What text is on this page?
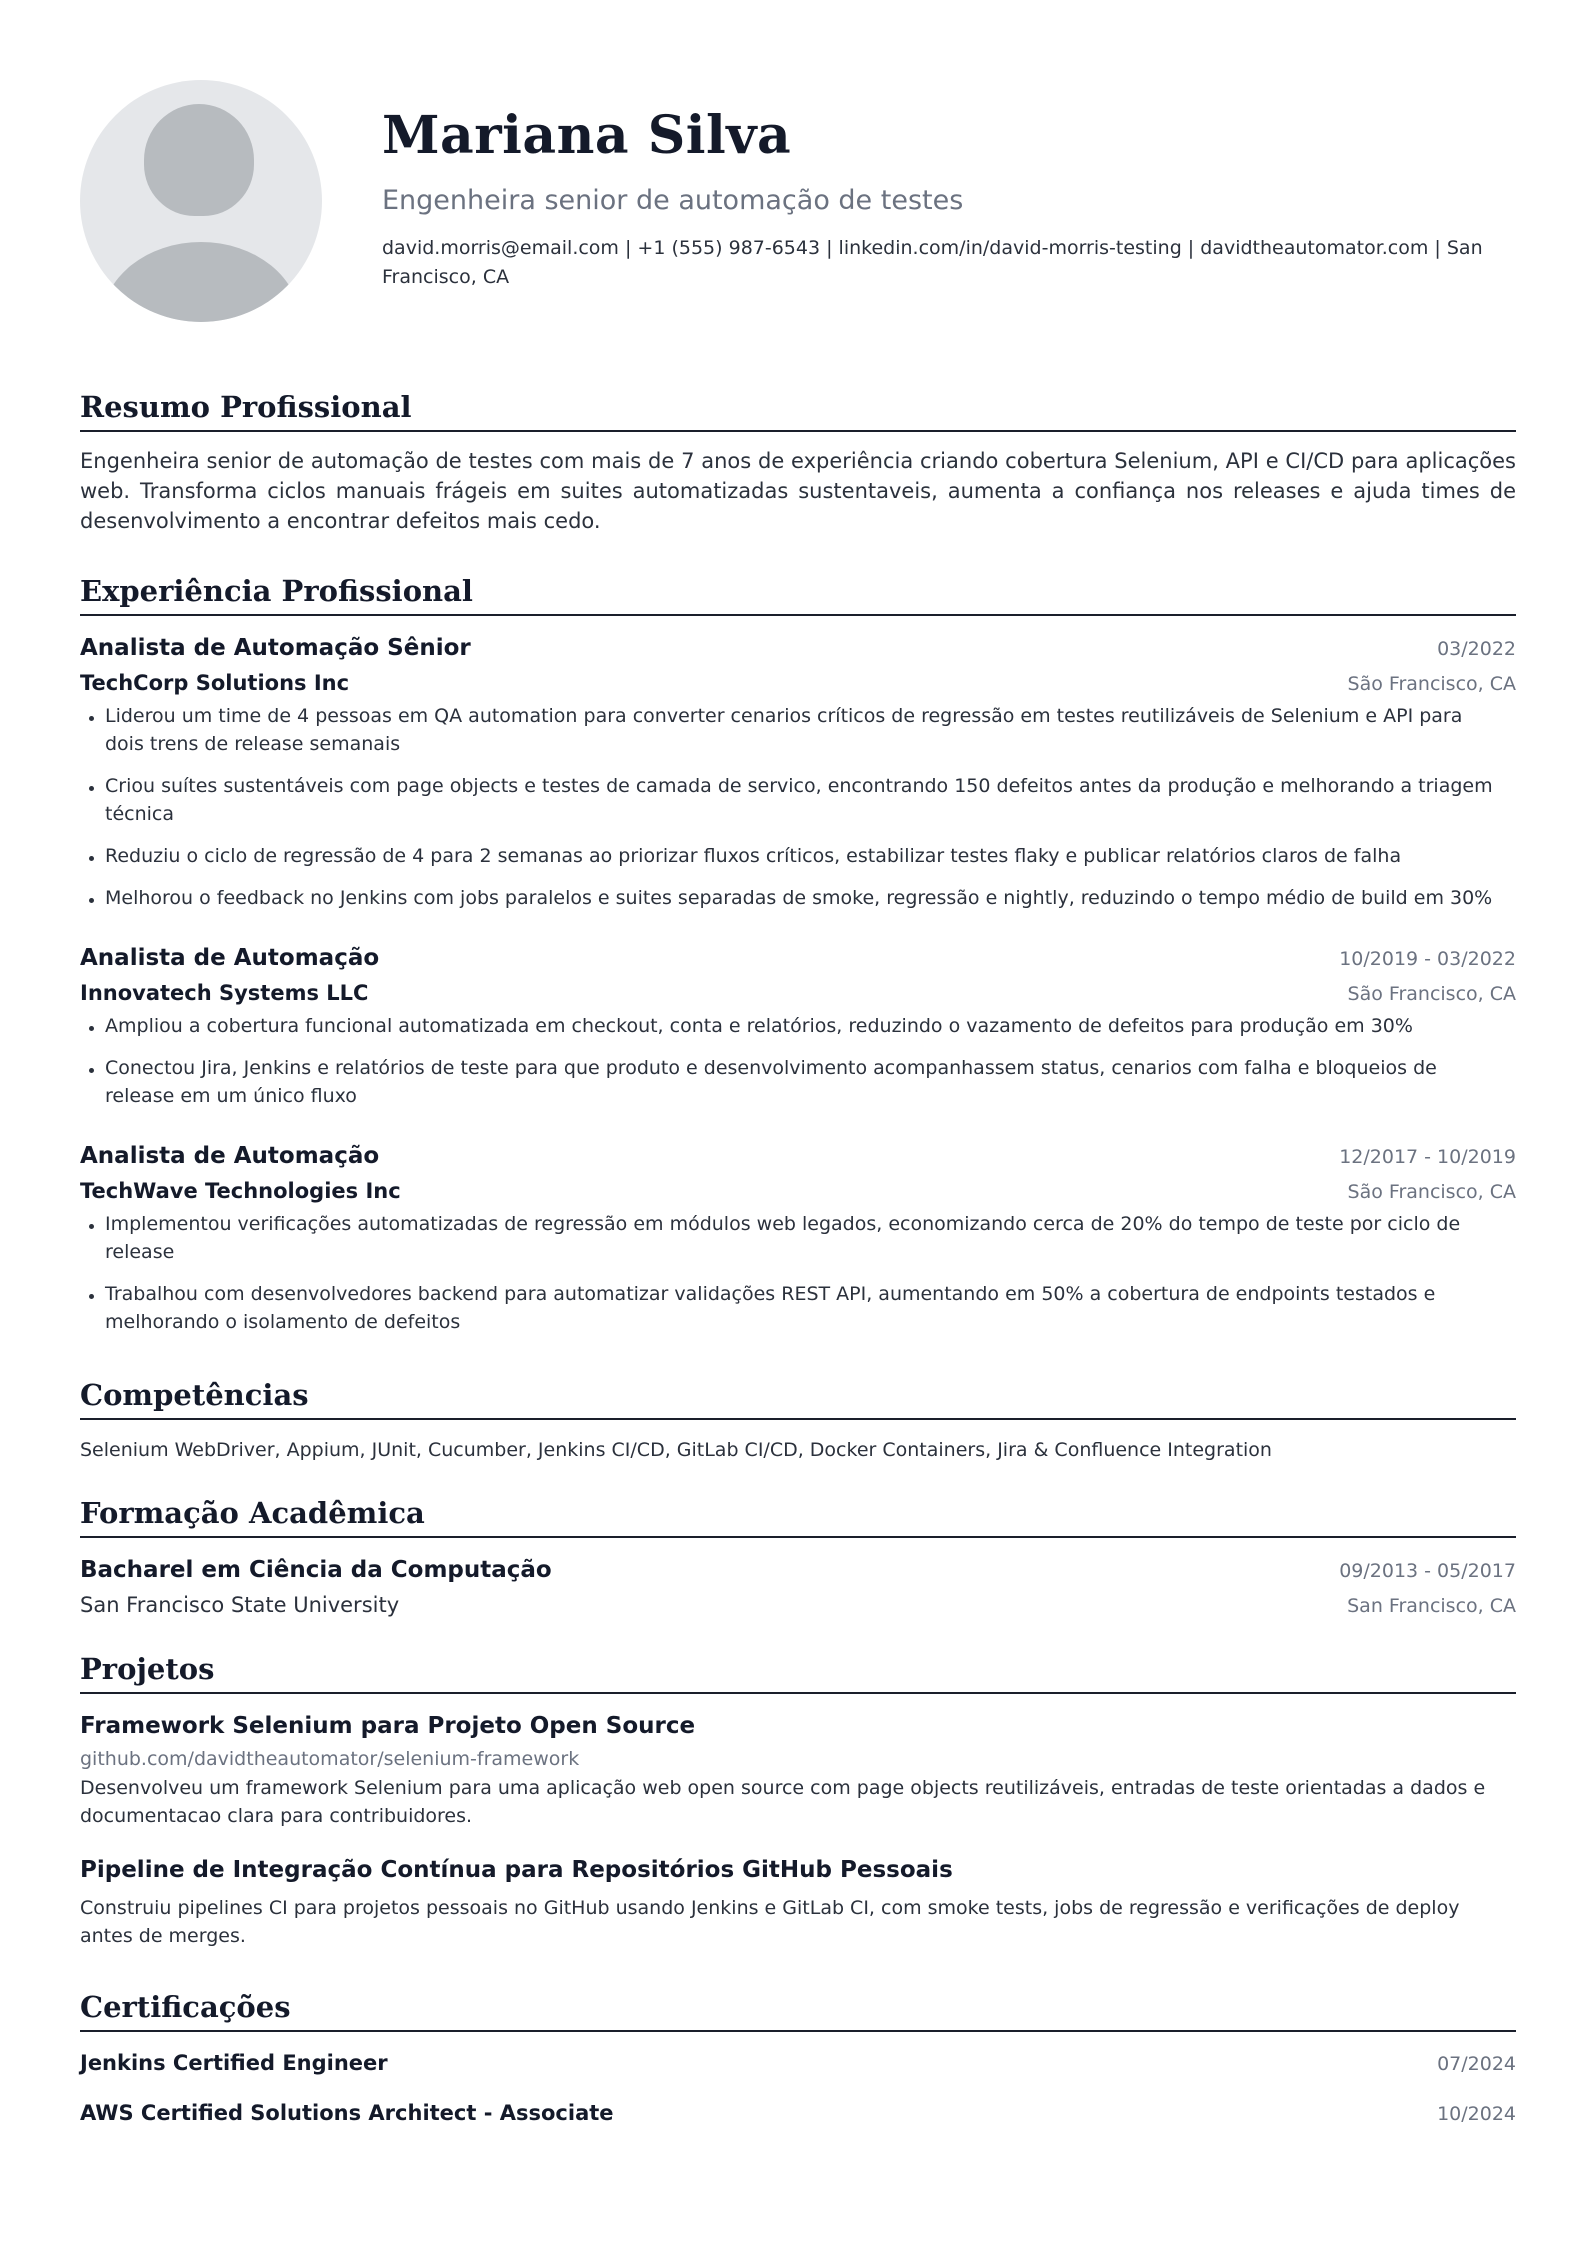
Mariana Silva
Engenheira senior de automação de testes
david.morris@email.com | +1 (555) 987-6543 | linkedin.com/in/david-morris-testing | davidtheautomator.com | San Francisco, CA
Resumo Profissional
Engenheira senior de automação de testes com mais de 7 anos de experiência criando cobertura Selenium, API e CI/CD para aplicações web. Transforma ciclos manuais frágeis em suites automatizadas sustentaveis, aumenta a confiança nos releases e ajuda times de desenvolvimento a encontrar defeitos mais cedo.
Experiência Profissional
Analista de Automação Sênior	03/2022
TechCorp Solutions Inc	São Francisco, CA
Liderou um time de 4 pessoas em QA automation para converter cenarios críticos de regressão em testes reutilizáveis de Selenium e API para dois trens de release semanais
Criou suítes sustentáveis com page objects e testes de camada de servico, encontrando 150 defeitos antes da produção e melhorando a triagem técnica
Reduziu o ciclo de regressão de 4 para 2 semanas ao priorizar fluxos críticos, estabilizar testes flaky e publicar relatórios claros de falha
Melhorou o feedback no Jenkins com jobs paralelos e suites separadas de smoke, regressão e nightly, reduzindo o tempo médio de build em 30%
Analista de Automação	10/2019 - 03/2022
Innovatech Systems LLC	São Francisco, CA
Ampliou a cobertura funcional automatizada em checkout, conta e relatórios, reduzindo o vazamento de defeitos para produção em 30%
Conectou Jira, Jenkins e relatórios de teste para que produto e desenvolvimento acompanhassem status, cenarios com falha e bloqueios de release em um único fluxo
Analista de Automação	12/2017 - 10/2019
TechWave Technologies Inc	São Francisco, CA
Implementou verificações automatizadas de regressão em módulos web legados, economizando cerca de 20% do tempo de teste por ciclo de release
Trabalhou com desenvolvedores backend para automatizar validações REST API, aumentando em 50% a cobertura de endpoints testados e melhorando o isolamento de defeitos
Competências
Selenium WebDriver, Appium, JUnit, Cucumber, Jenkins CI/CD, GitLab CI/CD, Docker Containers, Jira & Confluence Integration
Formação Acadêmica
Bacharel em Ciência da Computação	09/2013 - 05/2017
San Francisco State University	San Francisco, CA
Projetos
Framework Selenium para Projeto Open Source
github.com/davidtheautomator/selenium-framework
Desenvolveu um framework Selenium para uma aplicação web open source com page objects reutilizáveis, entradas de teste orientadas a dados e documentacao clara para contribuidores.
Pipeline de Integração Contínua para Repositórios GitHub Pessoais
Construiu pipelines CI para projetos pessoais no GitHub usando Jenkins e GitLab CI, com smoke tests, jobs de regressão e verificações de deploy antes de merges.
Certificações
Jenkins Certified Engineer	07/2024
AWS Certified Solutions Architect - Associate	10/2024
